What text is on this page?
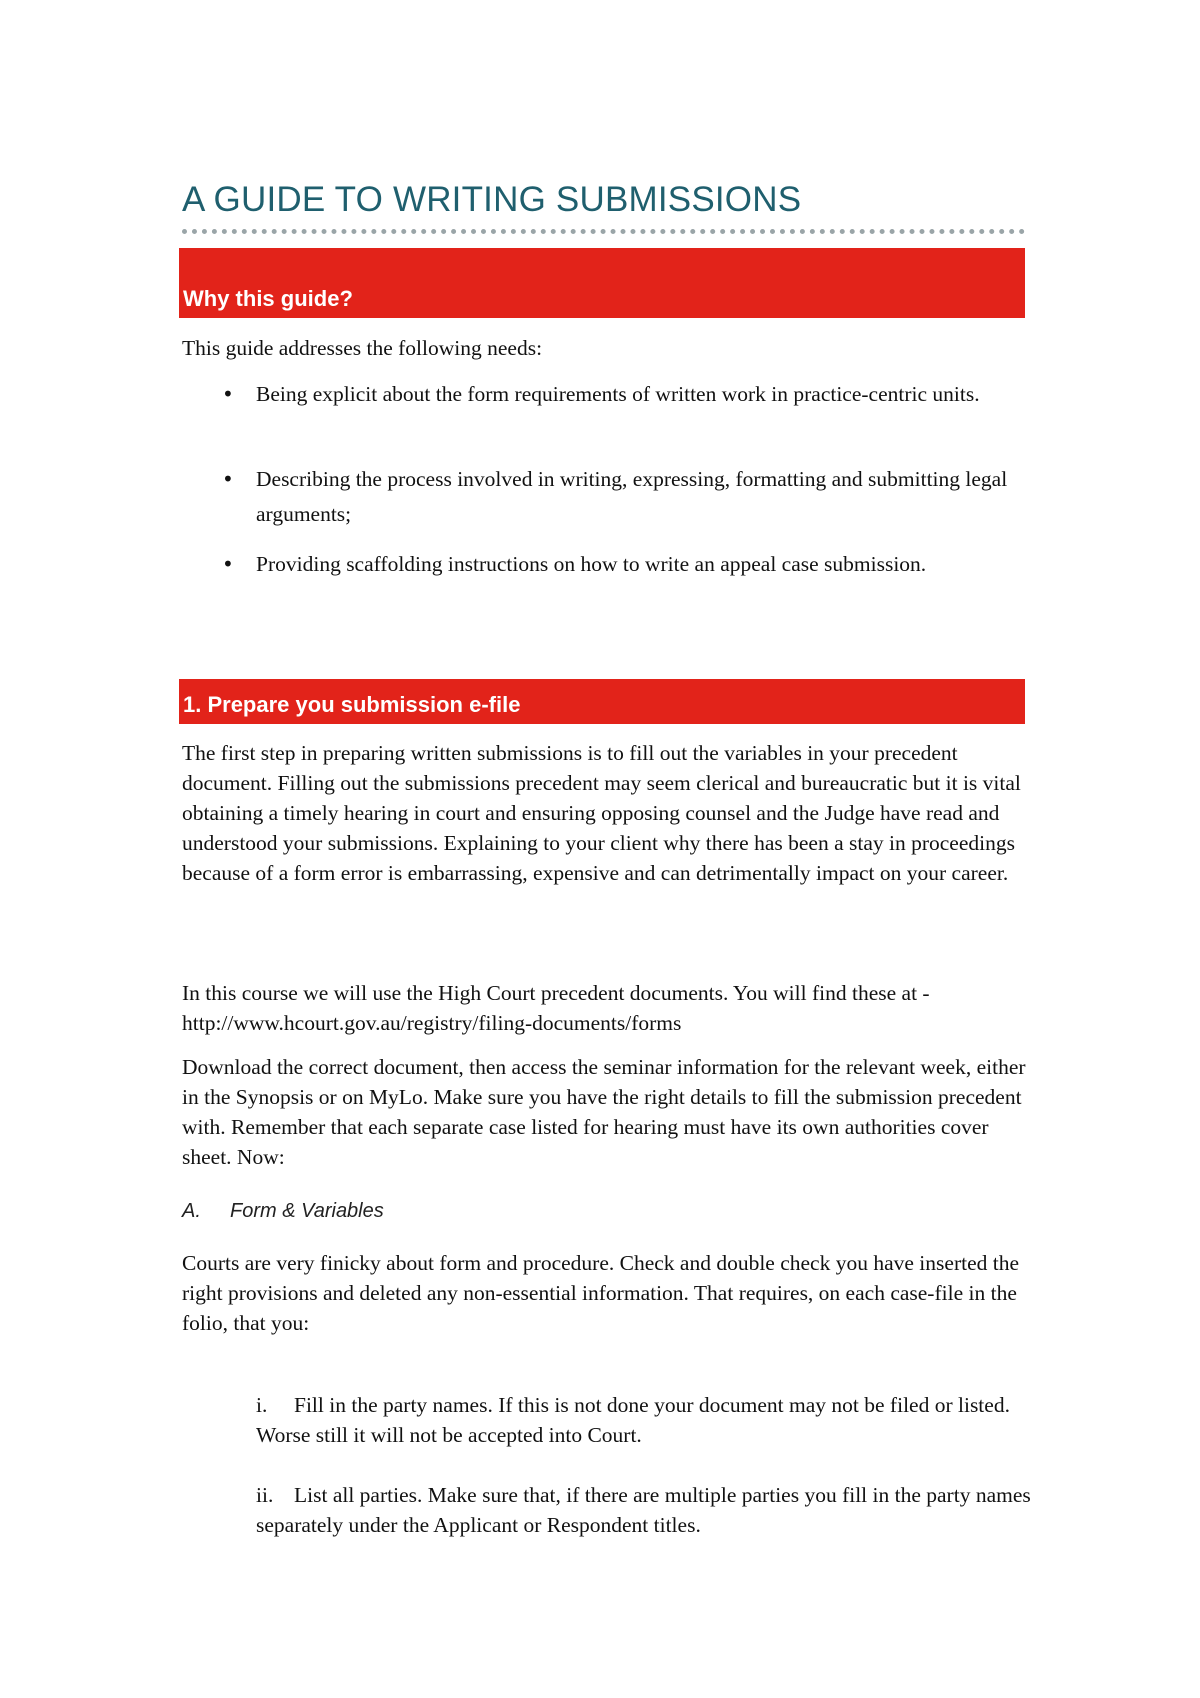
A GUIDE TO WRITING SUBMISSIONS
Why this guide?

This guide addresses the following needs:

• Being explicit about the form requirements of written work in practice-centric units.
• Describing the process involved in writing, expressing, formatting and submitting legal arguments;
• Providing scaffolding instructions on how to write an appeal case submission.
1. Prepare you submission e-file

The first step in preparing written submissions is to fill out the variables in your precedent document. Filling out the submissions precedent may seem clerical and bureaucratic but it is vital obtaining a timely hearing in court and ensuring opposing counsel and the Judge have read and understood your submissions. Explaining to your client why there has been a stay in proceedings because of a form error is embarrassing, expensive and can detrimentally impact on your career.

In this course we will use the High Court precedent documents. You will find these at - http://www.hcourt.gov.au/registry/filing-documents/forms

Download the correct document, then access the seminar information for the relevant week, either in the Synopsis or on MyLo. Make sure you have the right details to fill the submission precedent with. Remember that each separate case listed for hearing must have its own authorities cover sheet. Now:

A. Form & Variables

Courts are very finicky about form and procedure. Check and double check you have inserted the right provisions and deleted any non-essential information. That requires, on each case-file in the folio, that you:

i. Fill in the party names. If this is not done your document may not be filed or listed. Worse still it will not be accepted into Court.
ii. List all parties. Make sure that, if there are multiple parties you fill in the party names separately under the Applicant or Respondent titles.
